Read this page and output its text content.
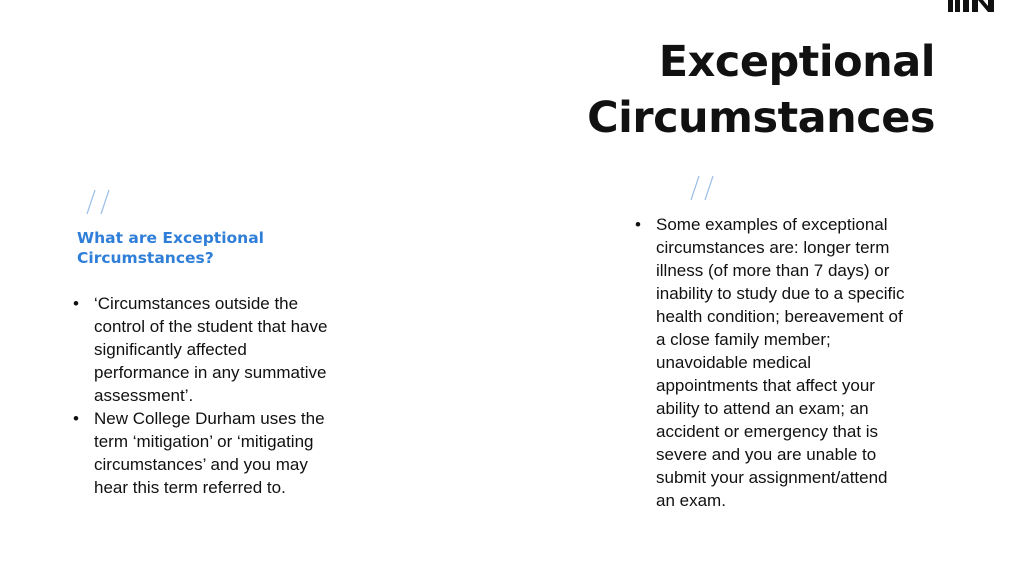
Exceptional
Circumstances
What are Exceptional
Circumstances?
• ‘Circumstances outside the control of the student that have significantly affected performance in any summative assessment’.
• New College Durham uses the term ‘mitigation’ or ‘mitigating circumstances’ and you may hear this term referred to.
• Some examples of exceptional circumstances are: longer term illness (of more than 7 days) or inability to study due to a specific health condition; bereavement of a close family member; unavoidable medical appointments that affect your ability to attend an exam; an accident or emergency that is severe and you are unable to submit your assignment/attend an exam.
